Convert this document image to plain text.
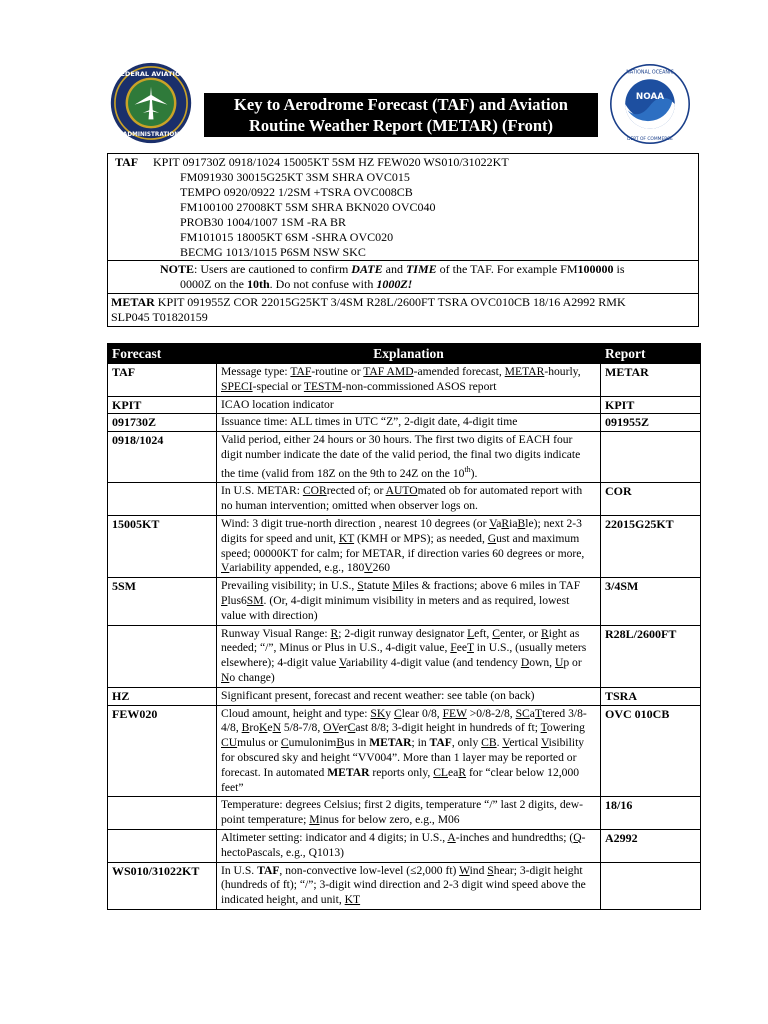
FEDERAL AVIATION
ADMINISTRATION
NOAA
NATIONAL OCEANIC
DEPT OF COMMERCE
Key to Aerodrome Forecast (TAF) and Aviation
Routine Weather Report (METAR) (Front)
TAF KPIT 091730Z 0918/1024 15005KT 5SM HZ FEW020 WS010/31022KT
FM091930 30015G25KT 3SM SHRA OVC015
TEMPO 0920/0922 1/2SM +TSRA OVC008CB
FM100100 27008KT 5SM SHRA BKN020 OVC040
PROB30 1004/1007 1SM -RA BR
FM101015 18005KT 6SM -SHRA OVC020
BECMG 1013/1015 P6SM NSW SKC
NOTE: Users are cautioned to confirm DATE and TIME of the TAF. For example FM100000 is
0000Z on the 10th. Do not confuse with 1000Z!
METAR KPIT 091955Z COR 22015G25KT 3/4SM R28L/2600FT TSRA OVC010CB 18/16 A2992 RMK
SLP045 T01820159
Forecast	Explanation	Report
TAF	Message type: TAF-routine or TAF AMD-amended forecast, METAR-hourly, SPECI-special or TESTM-non-commissioned ASOS report	METAR
KPIT	ICAO location indicator	KPIT
091730Z	Issuance time: ALL times in UTC “Z”, 2-digit date, 4-digit time	091955Z
0918/1024	Valid period, either 24 hours or 30 hours. The first two digits of EACH four digit number indicate the date of the valid period, the final two digits indicate the time (valid from 18Z on the 9th to 24Z on the 10th).	
	In U.S. METAR: CORrected of; or AUTOmated ob for automated report with no human intervention; omitted when observer logs on.	COR
15005KT	Wind: 3 digit true-north direction , nearest 10 degrees (or VaRiaBle); next 2-3 digits for speed and unit, KT (KMH or MPS); as needed, Gust and maximum speed; 00000KT for calm; for METAR, if direction varies 60 degrees or more, Variability appended, e.g., 180V260	22015G25KT
5SM	Prevailing visibility; in U.S., Statute Miles & fractions; above 6 miles in TAF Plus6SM. (Or, 4-digit minimum visibility in meters and as required, lowest value with direction)	3/4SM
	Runway Visual Range: R; 2-digit runway designator Left, Center, or Right as needed; “/”, Minus or Plus in U.S., 4-digit value, FeeT in U.S., (usually meters elsewhere); 4-digit value Variability 4-digit value (and tendency Down, Up or No change)	R28L/2600FT
HZ	Significant present, forecast and recent weather: see table (on back)	TSRA
FEW020	Cloud amount, height and type: SKy Clear 0/8, FEW >0/8-2/8, SCaTtered 3/8-4/8, BroKeN 5/8-7/8, OVerCast 8/8; 3-digit height in hundreds of ft; Towering CUmulus or CumulonimBus in METAR; in TAF, only CB. Vertical Visibility for obscured sky and height “VV004”. More than 1 layer may be reported or forecast. In automated METAR reports only, CLeaR for “clear below 12,000 feet”	OVC 010CB
	Temperature: degrees Celsius; first 2 digits, temperature “/” last 2 digits, dew-point temperature; Minus for below zero, e.g., M06	18/16
	Altimeter setting: indicator and 4 digits; in U.S., A-inches and hundredths; (Q-hectoPascals, e.g., Q1013)	A2992
WS010/31022KT	In U.S. TAF, non-convective low-level (≤2,000 ft) Wind Shear; 3-digit height (hundreds of ft); “/”; 3-digit wind direction and 2-3 digit wind speed above the indicated height, and unit, KT	
